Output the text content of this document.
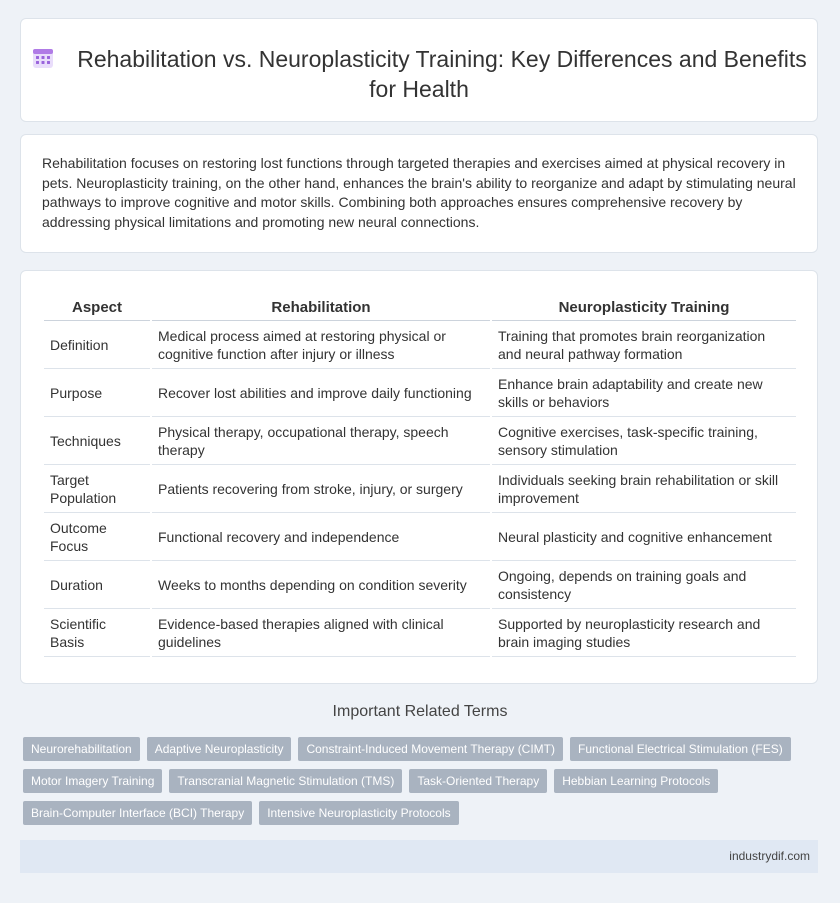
Rehabilitation vs. Neuroplasticity Training: Key Differences and Benefits for Health
Rehabilitation focuses on restoring lost functions through targeted therapies and exercises aimed at physical recovery in pets. Neuroplasticity training, on the other hand, enhances the brain's ability to reorganize and adapt by stimulating neural pathways to improve cognitive and motor skills. Combining both approaches ensures comprehensive recovery by addressing physical limitations and promoting new neural connections.
Aspect	Rehabilitation	Neuroplasticity Training
Definition	Medical process aimed at restoring physical or cognitive function after injury or illness	Training that promotes brain reorganization and neural pathway formation
Purpose	Recover lost abilities and improve daily functioning	Enhance brain adaptability and create new skills or behaviors
Techniques	Physical therapy, occupational therapy, speech therapy	Cognitive exercises, task-specific training, sensory stimulation
Target Population	Patients recovering from stroke, injury, or surgery	Individuals seeking brain rehabilitation or skill improvement
Outcome Focus	Functional recovery and independence	Neural plasticity and cognitive enhancement
Duration	Weeks to months depending on condition severity	Ongoing, depends on training goals and consistency
Scientific Basis	Evidence-based therapies aligned with clinical guidelines	Supported by neuroplasticity research and brain imaging studies
Important Related Terms
Neurorehabilitation	Adaptive Neuroplasticity	Constraint-Induced Movement Therapy (CIMT)	Functional Electrical Stimulation (FES)
Motor Imagery Training	Transcranial Magnetic Stimulation (TMS)	Task-Oriented Therapy	Hebbian Learning Protocols
Brain-Computer Interface (BCI) Therapy	Intensive Neuroplasticity Protocols
industrydif.com
